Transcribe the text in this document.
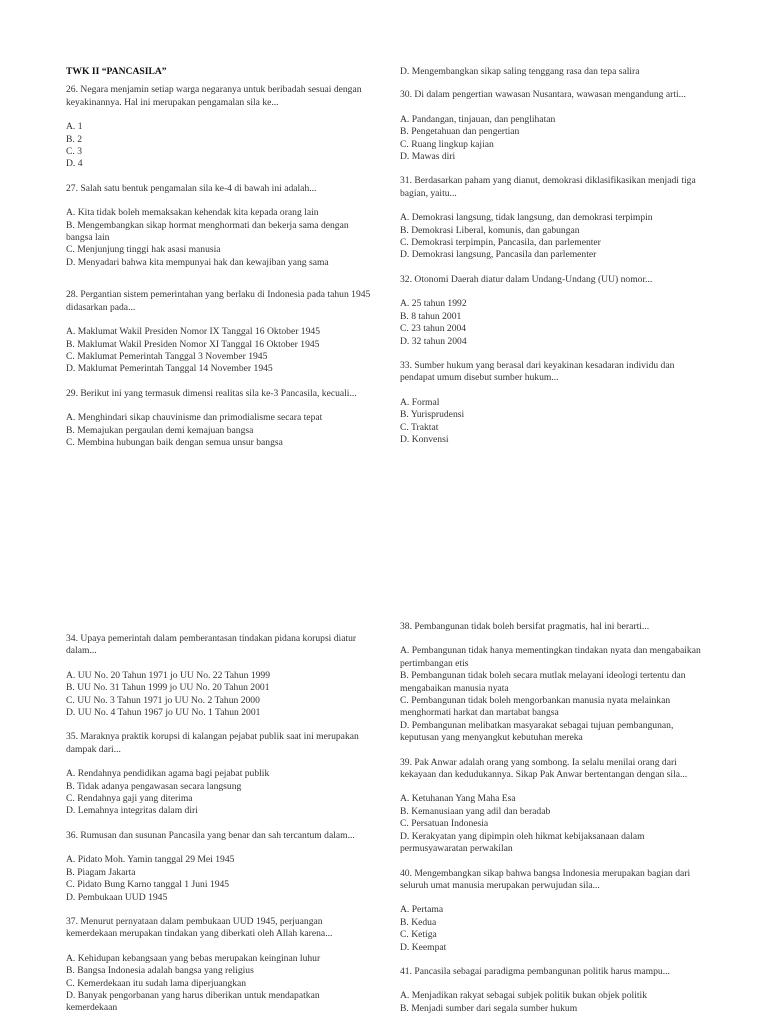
TWK II “PANCASILA”

26. Negara menjamin setiap warga negaranya untuk beribadah sesuai dengan keyakinannya. Hal ini merupakan pengamalan sila ke...

A. 1

B. 2

C. 3

D. 4

27. Salah satu bentuk pengamalan sila ke-4 di bawah ini adalah...

A. Kita tidak boleh memaksakan kehendak kita kepada orang lain

B. Mengembangkan sikap hormat menghormati dan bekerja sama dengan bangsa lain

C. Menjunjung tinggi hak asasi manusia

D. Menyadari bahwa kita mempunyai hak dan kewajiban yang sama

28. Pergantian sistem pemerintahan yang berlaku di Indonesia pada tahun 1945 didasarkan pada...

A. Maklumat Wakil Presiden Nomor IX Tanggal 16 Oktober 1945

B. Maklumat Wakil Presiden Nomor XI Tanggal 16 Oktober 1945

C. Maklumat Pemerintah Tanggal 3 November 1945

D. Maklumat Pemerintah Tanggal 14 November 1945

29. Berikut ini yang termasuk dimensi realitas sila ke-3 Pancasila, kecuali...

A. Menghindari sikap chauvinisme dan primodialisme secara tepat

B. Memajukan pergaulan demi kemajuan bangsa

C. Membina hubungan baik dengan semua unsur bangsa

D. Mengembangkan sikap saling tenggang rasa dan tepa salira

30. Di dalam pengertian wawasan Nusantara, wawasan mengandung arti...

A. Pandangan, tinjauan, dan penglihatan

B. Pengetahuan dan pengertian

C. Ruang lingkup kajian

D. Mawas diri

31. Berdasarkan paham yang dianut, demokrasi diklasifikasikan menjadi tiga bagian, yaitu...

A. Demokrasi langsung, tidak langsung, dan demokrasi terpimpin

B. Demokrasi Liberal, komunis, dan gabungan

C. Demokrasi terpimpin, Pancasila, dan parlementer

D. Demokrasi langsung, Pancasila dan parlementer

32. Otonomi Daerah diatur dalam Undang-Undang (UU) nomor...

A. 25 tahun 1992

B. 8 tahun 2001

C. 23 tahun 2004

D. 32 tahun 2004

33. Sumber hukum yang berasal dari keyakinan kesadaran individu dan pendapat umum disebut sumber hukum...

A. Formal

B. Yurisprudensi

C. Traktat

D. Konvensi

34. Upaya pemerintah dalam pemberantasan tindakan pidana korupsi diatur dalam...

A. UU No. 20 Tahun 1971 jo UU No. 22 Tahun 1999

B. UU No. 31 Tahun 1999 jo UU No. 20 Tahun 2001

C. UU No. 3 Tahun 1971 jo UU No. 2 Tahun 2000

D. UU No. 4 Tahun 1967 jo UU No. 1 Tahun 2001

35. Maraknya praktik korupsi di kalangan pejabat publik saat ini merupakan dampak dari...

A. Rendahnya pendidikan agama bagi pejabat publik

B. Tidak adanya pengawasan secara langsung

C. Rendahnya gaji yang diterima

D. Lemahnya integritas dalam diri

36. Rumusan dan susunan Pancasila yang benar dan sah tercantum dalam...

A. Pidato Moh. Yamin tanggal 29 Mei 1945

B. Piagam Jakarta

C. Pidato Bung Karno tanggal 1 Juni 1945

D. Pembukaan UUD 1945

37. Menurut pernyataan dalam pembukaan UUD 1945, perjuangan kemerdekaan merupakan tindakan yang diberkati oleh Allah karena...

A. Kehidupan kebangsaan yang bebas merupakan keinginan luhur

B. Bangsa Indonesia adalah bangsa yang religius

C. Kemerdekaan itu sudah lama diperjuangkan

D. Banyak pengorbanan yang harus diberikan untuk mendapatkan kemerdekaan

38. Pembangunan tidak boleh bersifat pragmatis, hal ini berarti...

A. Pembangunan tidak hanya mementingkan tindakan nyata dan mengabaikan pertimbangan etis

B. Pembangunan tidak boleh secara mutlak melayani ideologi tertentu dan mengabaikan manusia nyata

C. Pembangunan tidak boleh mengorbankan manusia nyata melainkan menghormati harkat dan martabat bangsa

D. Pembangunan melibatkan masyarakat sebagai tujuan pembangunan, keputusan yang menyangkut kebutuhan mereka

39. Pak Anwar adalah orang yang sombong. Ia selalu menilai orang dari kekayaan dan kedudukannya. Sikap Pak Anwar bertentangan dengan sila...

A. Ketuhanan Yang Maha Esa

B. Kemanusiaan yang adil dan beradab

C. Persatuan Indonesia

D. Kerakyatan yang dipimpin oleh hikmat kebijaksanaan dalam permusyawaratan perwakilan

40. Mengembangkan sikap bahwa bangsa Indonesia merupakan bagian dari seluruh umat manusia merupakan perwujudan sila...

A. Pertama

B. Kedua

C. Ketiga

D. Keempat

41. Pancasila sebagai paradigma pembangunan politik harus mampu...

A. Menjadikan rakyat sebagai subjek politik bukan objek politik

B. Menjadi sumber dari segala sumber hukum
